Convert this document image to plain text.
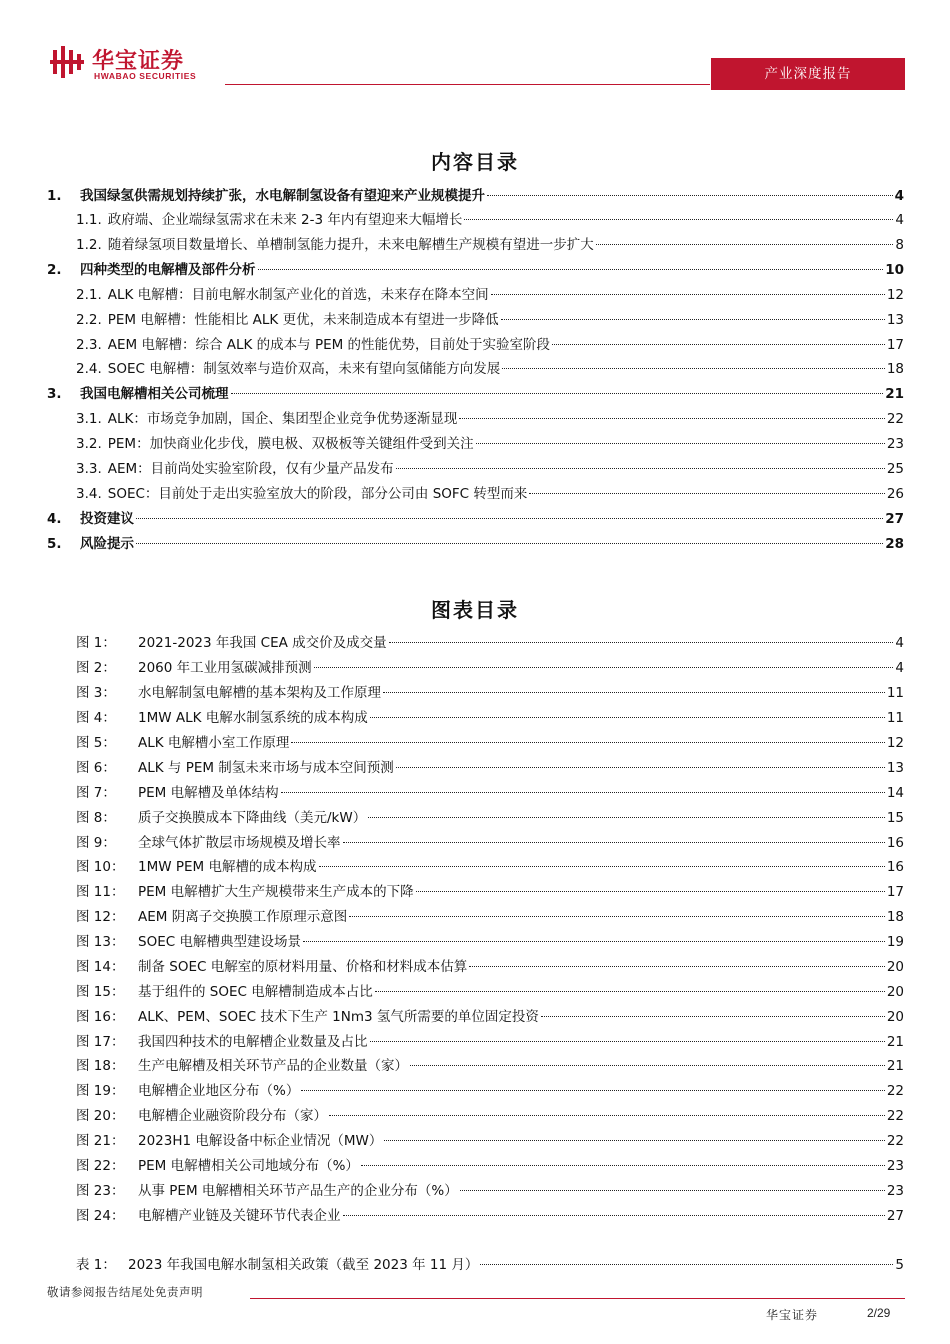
华宝证券
HWABAO SECURITIES	产业深度报告
内容目录
1.	我国绿氢供需规划持续扩张，水电解制氢设备有望迎来产业规模提升	4
1.1. 政府端、企业端绿氢需求在未来 2-3 年内有望迎来大幅增长	4
1.2. 随着绿氢项目数量增长、单槽制氢能力提升，未来电解槽生产规模有望进一步扩大	8
2.	四种类型的电解槽及部件分析	10
2.1. ALK 电解槽：目前电解水制氢产业化的首选，未来存在降本空间	12
2.2. PEM 电解槽：性能相比 ALK 更优，未来制造成本有望进一步降低	13
2.3. AEM 电解槽：综合 ALK 的成本与 PEM 的性能优势，目前处于实验室阶段	17
2.4. SOEC 电解槽：制氢效率与造价双高，未来有望向氢储能方向发展	18
3.	我国电解槽相关公司梳理	21
3.1. ALK：市场竞争加剧，国企、集团型企业竞争优势逐渐显现	22
3.2. PEM：加快商业化步伐，膜电极、双极板等关键组件受到关注	23
3.3. AEM：目前尚处实验室阶段，仅有少量产品发布	25
3.4. SOEC：目前处于走出实验室放大的阶段，部分公司由 SOFC 转型而来	26
4.	投资建议	27
5.	风险提示	28
图表目录
图 1：	2021-2023 年我国 CEA 成交价及成交量	4
图 2：	2060 年工业用氢碳减排预测	4
图 3：	水电解制氢电解槽的基本架构及工作原理	11
图 4：	1MW ALK 电解水制氢系统的成本构成	11
图 5：	ALK 电解槽小室工作原理	12
图 6：	ALK 与 PEM 制氢未来市场与成本空间预测	13
图 7：	PEM 电解槽及单体结构	14
图 8：	质子交换膜成本下降曲线（美元/kW）	15
图 9：	全球气体扩散层市场规模及增长率	16
图 10：	1MW PEM 电解槽的成本构成	16
图 11：	PEM 电解槽扩大生产规模带来生产成本的下降	17
图 12：	AEM 阴离子交换膜工作原理示意图	18
图 13：	SOEC 电解槽典型建设场景	19
图 14：	制备 SOEC 电解室的原材料用量、价格和材料成本估算	20
图 15：	基于组件的 SOEC 电解槽制造成本占比	20
图 16：	ALK、PEM、SOEC 技术下生产 1Nm3 氢气所需要的单位固定投资	20
图 17：	我国四种技术的电解槽企业数量及占比	21
图 18：	生产电解槽及相关环节产品的企业数量（家）	21
图 19：	电解槽企业地区分布（%）	22
图 20：	电解槽企业融资阶段分布（家）	22
图 21：	2023H1 电解设备中标企业情况（MW）	22
图 22：	PEM 电解槽相关公司地域分布（%）	23
图 23：	从事 PEM 电解槽相关环节产品生产的企业分布（%）	23
图 24：	电解槽产业链及关键环节代表企业	27
表 1： 2023 年我国电解水制氢相关政策（截至 2023 年 11 月）	5
敬请参阅报告结尾处免责声明
华宝证券	2/29
